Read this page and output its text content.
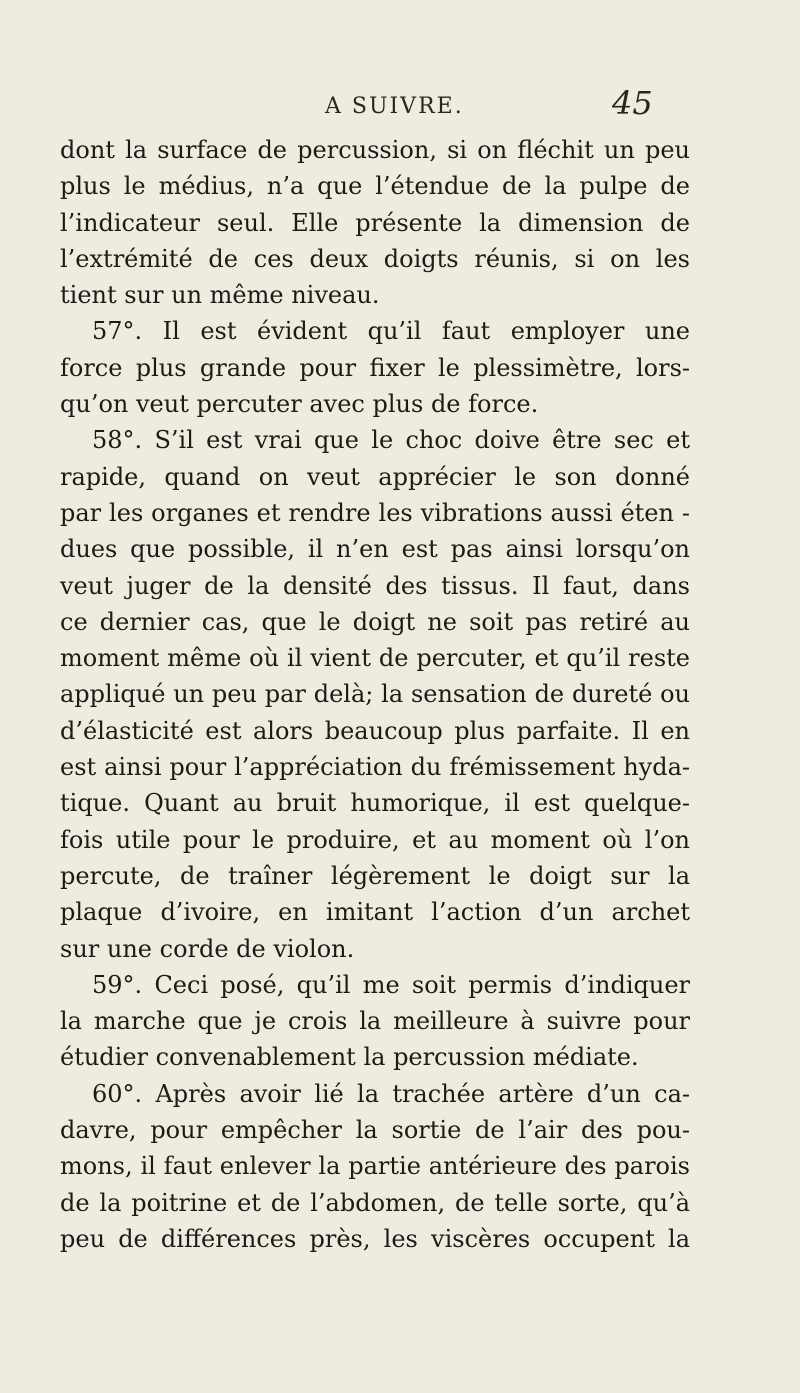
A SUIVRE.	45
dont la surface de percussion, si on fléchit un peu
plus le médius, n’a que l’étendue de la pulpe de
l’indicateur seul. Elle présente la dimension de
l’extrémité de ces deux doigts réunis, si on les
tient sur un même niveau.
57°. Il est évident qu’il faut employer une
force plus grande pour fixer le plessimètre, lors-
qu’on veut percuter avec plus de force.
58°. S’il est vrai que le choc doive être sec et
rapide, quand on veut apprécier le son donné
par les organes et rendre les vibrations aussi éten -
dues que possible, il n’en est pas ainsi lorsqu’on
veut juger de la densité des tissus. Il faut, dans
ce dernier cas, que le doigt ne soit pas retiré au
moment même où il vient de percuter, et qu’il reste
appliqué un peu par delà; la sensation de dureté ou
d’élasticité est alors beaucoup plus parfaite. Il en
est ainsi pour l’appréciation du frémissement hyda-
tique. Quant au bruit humorique, il est quelque-
fois utile pour le produire, et au moment où l’on
percute, de traîner légèrement le doigt sur la
plaque d’ivoire, en imitant l’action d’un archet
sur une corde de violon.
59°. Ceci posé, qu’il me soit permis d’indiquer
la marche que je crois la meilleure à suivre pour
étudier convenablement la percussion médiate.
60°. Après avoir lié la trachée artère d’un ca-
davre, pour empêcher la sortie de l’air des pou-
mons, il faut enlever la partie antérieure des parois
de la poitrine et de l’abdomen, de telle sorte, qu’à
peu de différences près, les viscères occupent la
